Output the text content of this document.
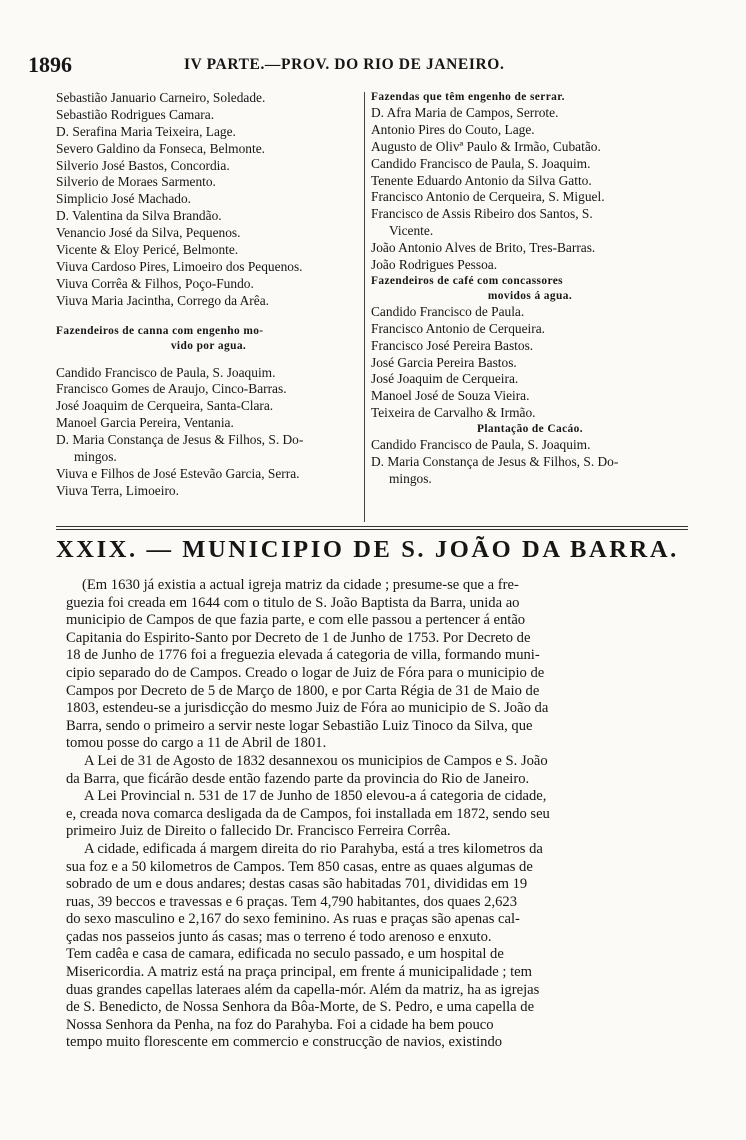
1896	IV PARTE.—PROV. DO RIO DE JANEIRO.
Sebastião Januario Carneiro, Soledade.
Sebastião Rodrigues Camara.
D. Serafina Maria Teixeira, Lage.
Severo Galdino da Fonseca, Belmonte.
Silverio José Bastos, Concordia.
Silverio de Moraes Sarmento.
Simplicio José Machado.
D. Valentina da Silva Brandão.
Venancio José da Silva, Pequenos.
Vicente & Eloy Pericé, Belmonte.
Viuva Cardoso Pires, Limoeiro dos Pequenos.
Viuva Corrêa & Filhos, Poço-Fundo.
Viuva Maria Jacintha, Corrego da Arêa.
Fazendeiros de canna com engenho mo-
vido por agua.
Candido Francisco de Paula, S. Joaquim.
Francisco Gomes de Araujo, Cinco-Barras.
José Joaquim de Cerqueira, Santa-Clara.
Manoel Garcia Pereira, Ventania.
D. Maria Constança de Jesus & Filhos, S. Do-
mingos.
Viuva e Filhos de José Estevão Garcia, Serra.
Viuva Terra, Limoeiro.
Fazendas que têm engenho de serrar.
D. Afra Maria de Campos, Serrote.
Antonio Pires do Couto, Lage.
Augusto de Olivª Paulo & Irmão, Cubatão.
Candido Francisco de Paula, S. Joaquim.
Tenente Eduardo Antonio da Silva Gatto.
Francisco Antonio de Cerqueira, S. Miguel.
Francisco de Assis Ribeiro dos Santos, S.
Vicente.
João Antonio Alves de Brito, Tres-Barras.
João Rodrigues Pessoa.
Fazendeiros de café com concassores
movidos á agua.
Candido Francisco de Paula.
Francisco Antonio de Cerqueira.
Francisco José Pereira Bastos.
José Garcia Pereira Bastos.
José Joaquim de Cerqueira.
Manoel José de Souza Vieira.
Teixeira de Carvalho & Irmão.
Plantação de Cacáo.
Candido Francisco de Paula, S. Joaquim.
D. Maria Constança de Jesus & Filhos, S. Do-
mingos.
XXIX. — MUNICIPIO DE S. JOÃO DA BARRA.
(Em 1630 já existia a actual igreja matriz da cidade ; presume-se que a fre-
guezia foi creada em 1644 com o titulo de S. João Baptista da Barra, unida ao
municipio de Campos de que fazia parte, e com elle passou a pertencer á então
Capitania do Espirito-Santo por Decreto de 1 de Junho de 1753. Por Decreto de
18 de Junho de 1776 foi a freguezia elevada á categoria de villa, formando muni-
cipio separado do de Campos. Creado o logar de Juiz de Fóra para o municipio de
Campos por Decreto de 5 de Março de 1800, e por Carta Régia de 31 de Maio de
1803, estendeu-se a jurisdicção do mesmo Juiz de Fóra ao municipio de S. João da
Barra, sendo o primeiro a servir neste logar Sebastião Luiz Tinoco da Silva, que
tomou posse do cargo a 11 de Abril de 1801.
A Lei de 31 de Agosto de 1832 desannexou os municipios de Campos e S. João
da Barra, que ficárão desde então fazendo parte da provincia do Rio de Janeiro.
A Lei Provincial n. 531 de 17 de Junho de 1850 elevou-a á categoria de cidade,
e, creada nova comarca desligada da de Campos, foi installada em 1872, sendo seu
primeiro Juiz de Direito o fallecido Dr. Francisco Ferreira Corrêa.
A cidade, edificada á margem direita do rio Parahyba, está a tres kilometros da
sua foz e a 50 kilometros de Campos. Tem 850 casas, entre as quaes algumas de
sobrado de um e dous andares; destas casas são habitadas 701, divididas em 19
ruas, 39 beccos e travessas e 6 praças. Tem 4,790 habitantes, dos quaes 2,623
do sexo masculino e 2,167 do sexo feminino. As ruas e praças são apenas cal-
çadas nos passeios junto ás casas; mas o terreno é todo arenoso e enxuto.
Tem cadêa e casa de camara, edificada no seculo passado, e um hospital de
Misericordia. A matriz está na praça principal, em frente á municipalidade ; tem
duas grandes capellas lateraes além da capella-mór. Além da matriz, ha as igrejas
de S. Benedicto, de Nossa Senhora da Bôa-Morte, de S. Pedro, e uma capella de
Nossa Senhora da Penha, na foz do Parahyba. Foi a cidade ha bem pouco
tempo muito florescente em commercio e construcção de navios, existindo
